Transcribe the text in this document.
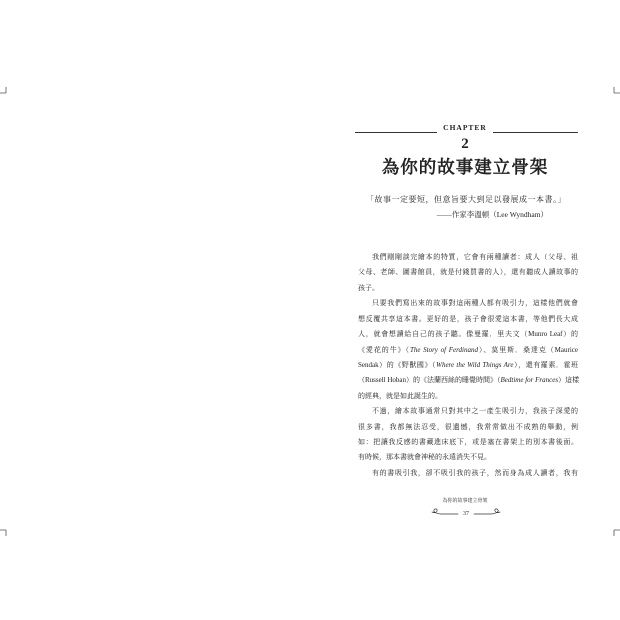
CHAPTER
2
為你的故事建立骨架
「故事一定要短，但意旨要大到足以發展成一本書。」
——作家李溫頓（Lee Wyndham）
我們剛剛談完繪本的特質，它會有兩種讀者：成人（父母、祖
父母、老師、圖書館員，就是付錢買書的人），還有聽成人讀故事的
孩子。
只要我們寫出來的故事對這兩種人都有吸引力，這樣他們就會
想反覆共享這本書。更好的是，孩子會很愛這本書，等他們長大成
人，就會想讀給自己的孩子聽。像曼羅．里夫文（Munro Leaf）的
《愛花的牛》（The Story of Ferdinand）、莫里斯．桑達克（Maurice
Sendak）的《野獸國》（Where the Wild Things Are），還有羅素．霍班
（Russell Hoban）的《法蘭西絲的睡覺時間》（Bedtime for Frances）這樣
的經典，就是如此誕生的。
不過，繪本故事通常只對其中之一產生吸引力，我孩子深愛的
很多書，我都無法忍受，很遺憾，我常常做出不成熟的舉動，例
如：把讓我反感的書藏進床底下，或是塞在書架上的別本書後面。
有時候，那本書就會神秘的永遠消失不見。
有的書吸引我，卻不吸引我的孩子，然而身為成人讀者，我有
為你的故事建立骨架
37
